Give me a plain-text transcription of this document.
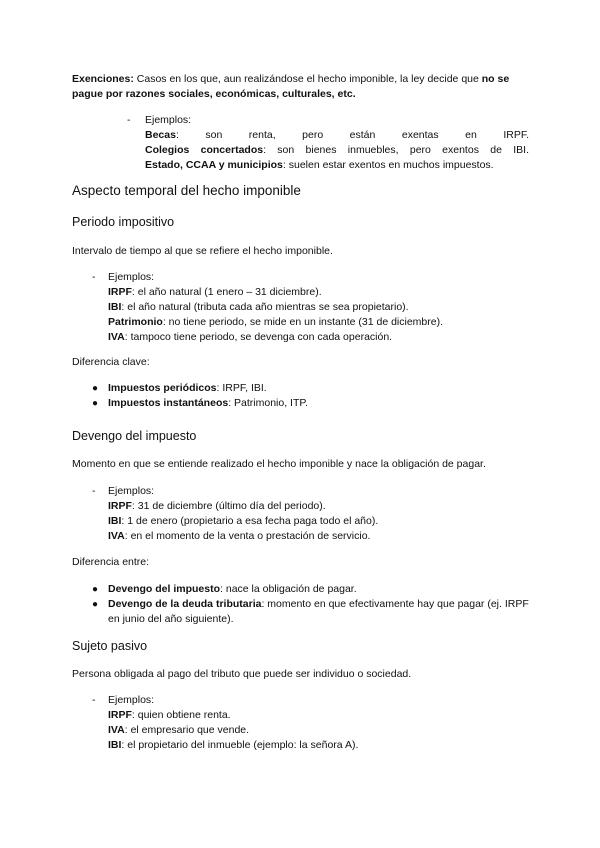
Exenciones: Casos en los que, aun realizándose el hecho imponible, la ley decide que no se pague por razones sociales, económicas, culturales, etc.

- Ejemplos:

Becas: son renta, pero están exentas en IRPF.

Colegios concertados: son bienes inmuebles, pero exentos de IBI.

Estado, CCAA y municipios: suelen estar exentos en muchos impuestos.

Aspecto temporal del hecho imponible

Periodo impositivo

Intervalo de tiempo al que se refiere el hecho imponible.

- Ejemplos:

IRPF: el año natural (1 enero – 31 diciembre).

IBI: el año natural (tributa cada año mientras se sea propietario).

Patrimonio: no tiene periodo, se mide en un instante (31 de diciembre).

IVA: tampoco tiene periodo, se devenga con cada operación.

Diferencia clave:

● Impuestos periódicos: IRPF, IBI.
● Impuestos instantáneos: Patrimonio, ITP.

Devengo del impuesto

Momento en que se entiende realizado el hecho imponible y nace la obligación de pagar.

- Ejemplos:

IRPF: 31 de diciembre (último día del periodo).

IBI: 1 de enero (propietario a esa fecha paga todo el año).

IVA: en el momento de la venta o prestación de servicio.

Diferencia entre:

● Devengo del impuesto: nace la obligación de pagar.
● Devengo de la deuda tributaria: momento en que efectivamente hay que pagar (ej. IRPF en junio del año siguiente).

Sujeto pasivo

Persona obligada al pago del tributo que puede ser individuo o sociedad.

- Ejemplos:

IRPF: quien obtiene renta.

IVA: el empresario que vende.

IBI: el propietario del inmueble (ejemplo: la señora A).
